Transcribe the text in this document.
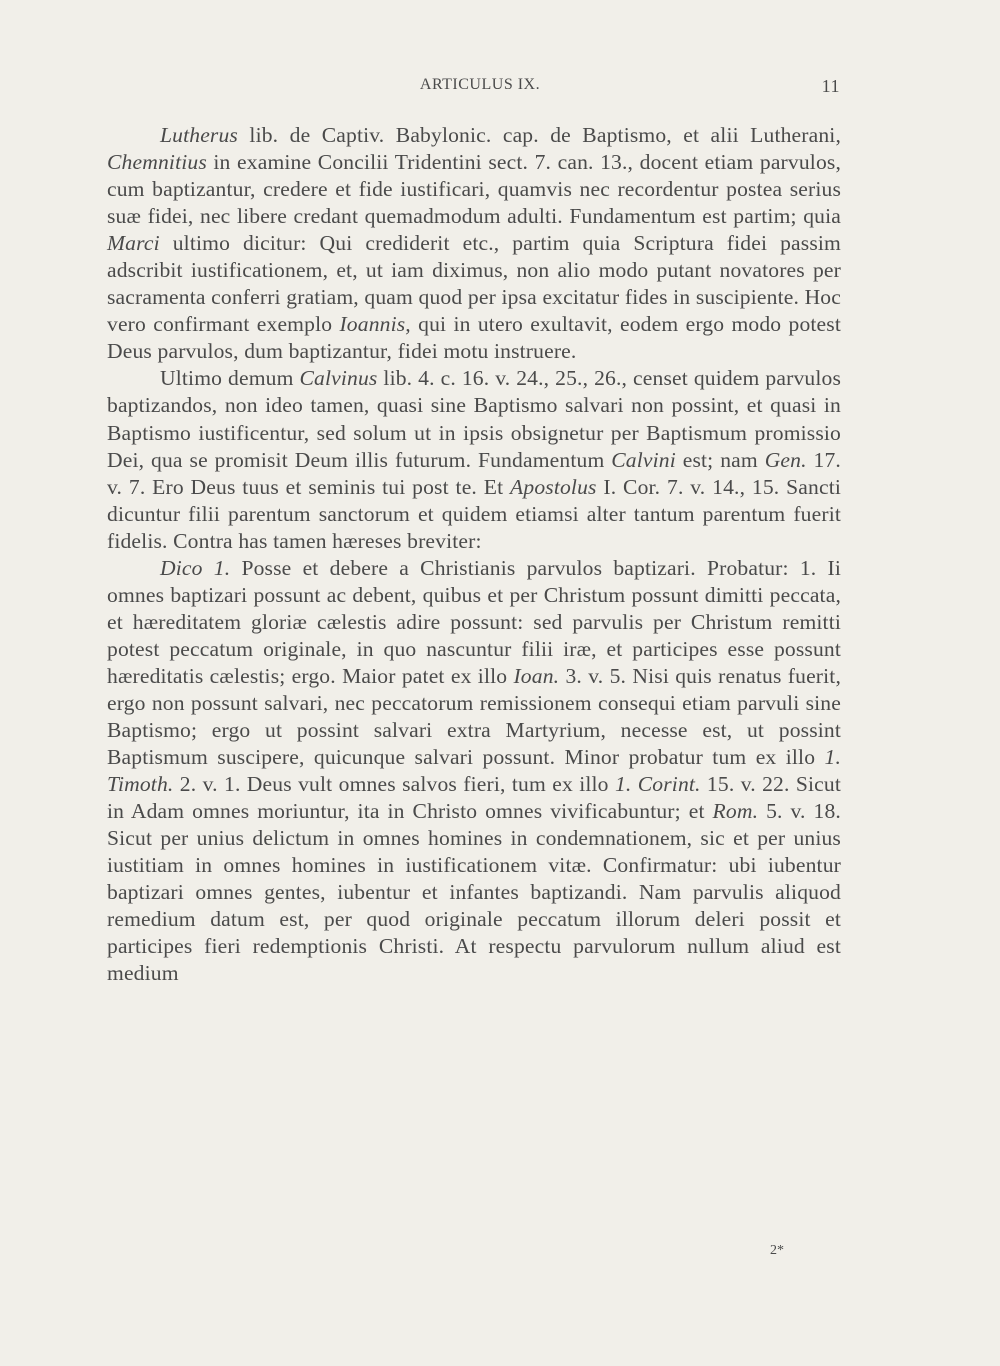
ARTICULUS IX.	11

Lutherus lib. de Captiv. Babylonic. cap. de Baptismo, et alii Lutherani, Chemnitius in examine Concilii Tridentini sect. 7. can. 13., docent etiam parvulos, cum baptizantur, credere et fide iustificari, quamvis nec recordentur postea serius suæ fidei, nec libere credant quemadmodum adulti. Fundamentum est partim; quia Marci ultimo dicitur: Qui crediderit etc., partim quia Scriptura fidei passim adscribit iustificationem, et, ut iam diximus, non alio modo putant novatores per sacramenta conferri gratiam, quam quod per ipsa excitatur fides in suscipiente. Hoc vero confirmant exemplo Ioannis, qui in utero exultavit, eodem ergo modo potest Deus parvulos, dum baptizantur, fidei motu instruere.

Ultimo demum Calvinus lib. 4. c. 16. v. 24., 25., 26., censet quidem parvulos baptizandos, non ideo tamen, quasi sine Baptismo salvari non possint, et quasi in Baptismo iustificentur, sed solum ut in ipsis obsignetur per Baptismum promissio Dei, qua se promisit Deum illis futurum. Fundamentum Calvini est; nam Gen. 17. v. 7. Ero Deus tuus et seminis tui post te. Et Apostolus I. Cor. 7. v. 14., 15. Sancti dicuntur filii parentum sanctorum et quidem etiamsi alter tantum parentum fuerit fidelis. Contra has tamen hæreses breviter:

Dico 1. Posse et debere a Christianis parvulos baptizari. Probatur: 1. Ii omnes baptizari possunt ac debent, quibus et per Christum possunt dimitti peccata, et hæreditatem gloriæ cælestis adire possunt: sed parvulis per Christum remitti potest peccatum originale, in quo nascuntur filii iræ, et participes esse possunt hæreditatis cælestis; ergo. Maior patet ex illo Ioan. 3. v. 5. Nisi quis renatus fuerit, ergo non possunt salvari, nec peccatorum remissionem consequi etiam parvuli sine Baptismo; ergo ut possint salvari extra Martyrium, necesse est, ut possint Baptismum suscipere, quicunque salvari possunt. Minor probatur tum ex illo 1. Timoth. 2. v. 1. Deus vult omnes salvos fieri, tum ex illo 1. Corint. 15. v. 22. Sicut in Adam omnes moriuntur, ita in Christo omnes vivificabuntur; et Rom. 5. v. 18. Sicut per unius delictum in omnes homines in condemnationem, sic et per unius iustitiam in omnes homines in iustificationem vitæ. Confirmatur: ubi iubentur baptizari omnes gentes, iubentur et infantes baptizandi. Nam parvulis aliquod remedium datum est, per quod originale peccatum illorum deleri possit et participes fieri redemptionis Christi. At respectu parvulorum nullum aliud est medium

2*
